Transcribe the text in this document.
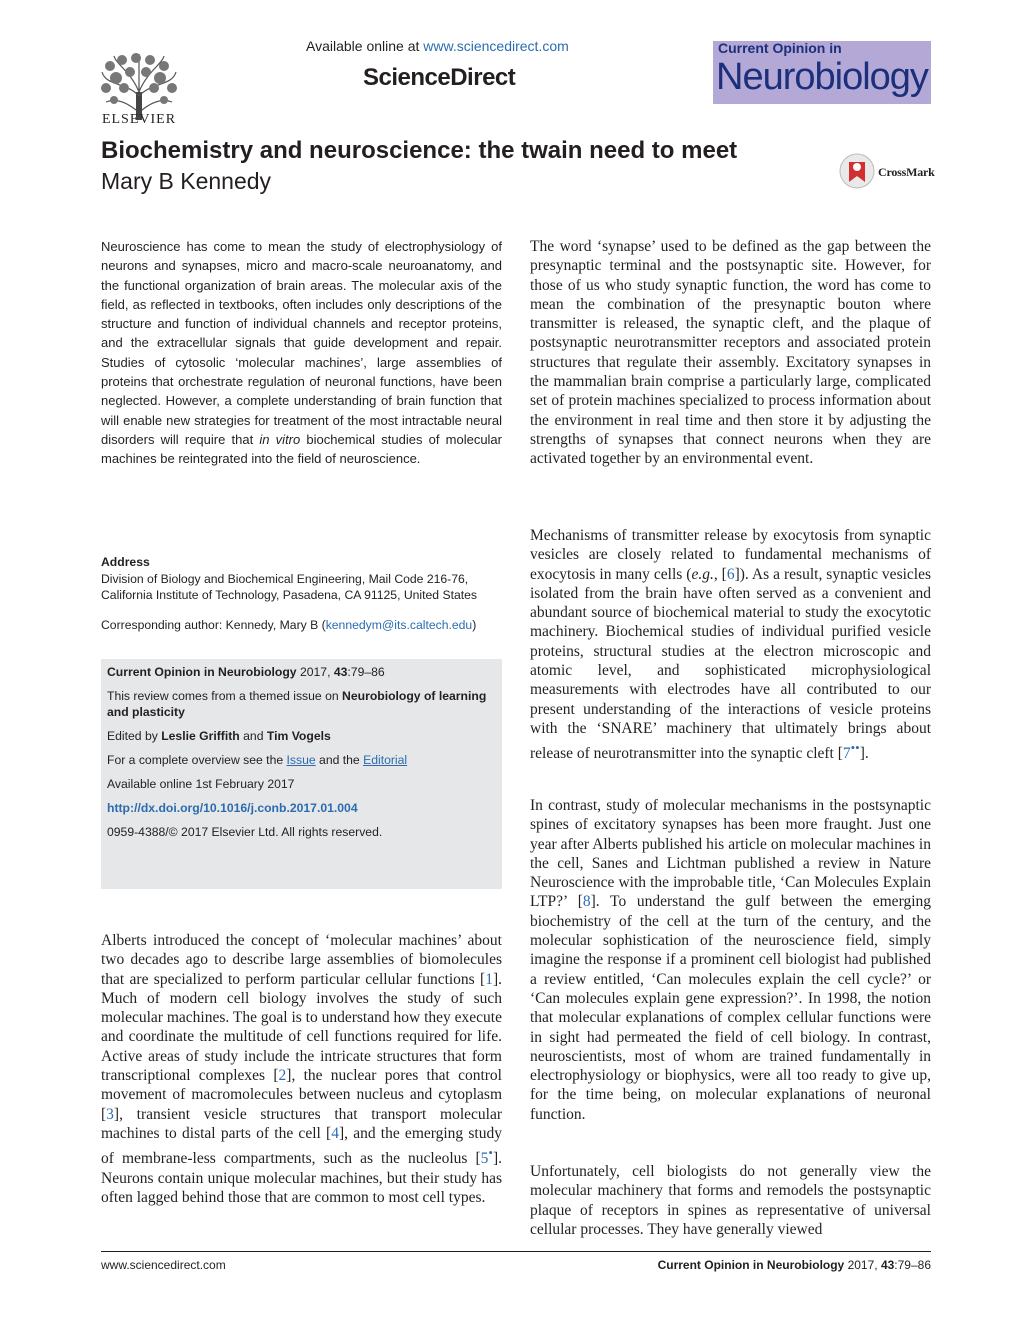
ELSEVIER
Available online at www.sciencedirect.com
ScienceDirect
Current Opinion in
Neurobiology
Biochemistry and neuroscience: the twain need to meet
Mary B Kennedy	CrossMark
Neuroscience has come to mean the study of electrophysiology of neurons and synapses, micro and macro-scale neuroanatomy, and the functional organization of brain areas. The molecular axis of the field, as reflected in textbooks, often includes only descriptions of the structure and function of individual channels and receptor proteins, and the extracellular signals that guide development and repair. Studies of cytosolic ‘molecular machines’, large assemblies of proteins that orchestrate regulation of neuronal functions, have been neglected. However, a complete understanding of brain function that will enable new strategies for treatment of the most intractable neural disorders will require that in vitro biochemical studies of molecular machines be reintegrated into the field of neuroscience.
Address
Division of Biology and Biochemical Engineering, Mail Code 216-76,
California Institute of Technology, Pasadena, CA 91125, United States
Corresponding author: Kennedy, Mary B (kennedym@its.caltech.edu)
Current Opinion in Neurobiology 2017, 43:79–86
This review comes from a themed issue on Neurobiology of learning and plasticity
Edited by Leslie Griffith and Tim Vogels
For a complete overview see the Issue and the Editorial
Available online 1st February 2017
http://dx.doi.org/10.1016/j.conb.2017.01.004
0959-4388/© 2017 Elsevier Ltd. All rights reserved.

Alberts introduced the concept of ‘molecular machines’ about two decades ago to describe large assemblies of biomolecules that are specialized to perform particular cellular functions [1]. Much of modern cell biology involves the study of such molecular machines. The goal is to understand how they execute and coordinate the multitude of cell functions required for life. Active areas of study include the intricate structures that form transcriptional complexes [2], the nuclear pores that control movement of macromolecules between nucleus and cytoplasm [3], transient vesicle structures that transport molecular machines to distal parts of the cell [4], and the emerging study of membrane-less compartments, such as the nucleolus [5•]. Neurons contain unique molecular machines, but their study has often lagged behind those that are common to most cell types.

The word ‘synapse’ used to be defined as the gap between the presynaptic terminal and the postsynaptic site. However, for those of us who study synaptic function, the word has come to mean the combination of the presynaptic bouton where transmitter is released, the synaptic cleft, and the plaque of postsynaptic neurotransmitter receptors and associated protein structures that regulate their assembly. Excitatory synapses in the mammalian brain comprise a particularly large, complicated set of protein machines specialized to process information about the environment in real time and then store it by adjusting the strengths of synapses that connect neurons when they are activated together by an environmental event.

Mechanisms of transmitter release by exocytosis from synaptic vesicles are closely related to fundamental mechanisms of exocytosis in many cells (e.g., [6]). As a result, synaptic vesicles isolated from the brain have often served as a convenient and abundant source of biochemical material to study the exocytotic machinery. Biochemical studies of individual purified vesicle proteins, structural studies at the electron microscopic and atomic level, and sophisticated microphysiological measurements with electrodes have all contributed to our present understanding of the interactions of vesicle proteins with the ‘SNARE’ machinery that ultimately brings about release of neurotransmitter into the synaptic cleft [7••].

In contrast, study of molecular mechanisms in the postsynaptic spines of excitatory synapses has been more fraught. Just one year after Alberts published his article on molecular machines in the cell, Sanes and Lichtman published a review in Nature Neuroscience with the improbable title, ‘Can Molecules Explain LTP?’ [8]. To understand the gulf between the emerging biochemistry of the cell at the turn of the century, and the molecular sophistication of the neuroscience field, simply imagine the response if a prominent cell biologist had published a review entitled, ‘Can molecules explain the cell cycle?’ or ‘Can molecules explain gene expression?’. In 1998, the notion that molecular explanations of complex cellular functions were in sight had permeated the field of cell biology. In contrast, neuroscientists, most of whom are trained fundamentally in electrophysiology or biophysics, were all too ready to give up, for the time being, on molecular explanations of neuronal function.

Unfortunately, cell biologists do not generally view the molecular machinery that forms and remodels the postsynaptic plaque of receptors in spines as representative of universal cellular processes. They have generally viewed

www.sciencedirect.com	Current Opinion in Neurobiology 2017, 43:79–86
